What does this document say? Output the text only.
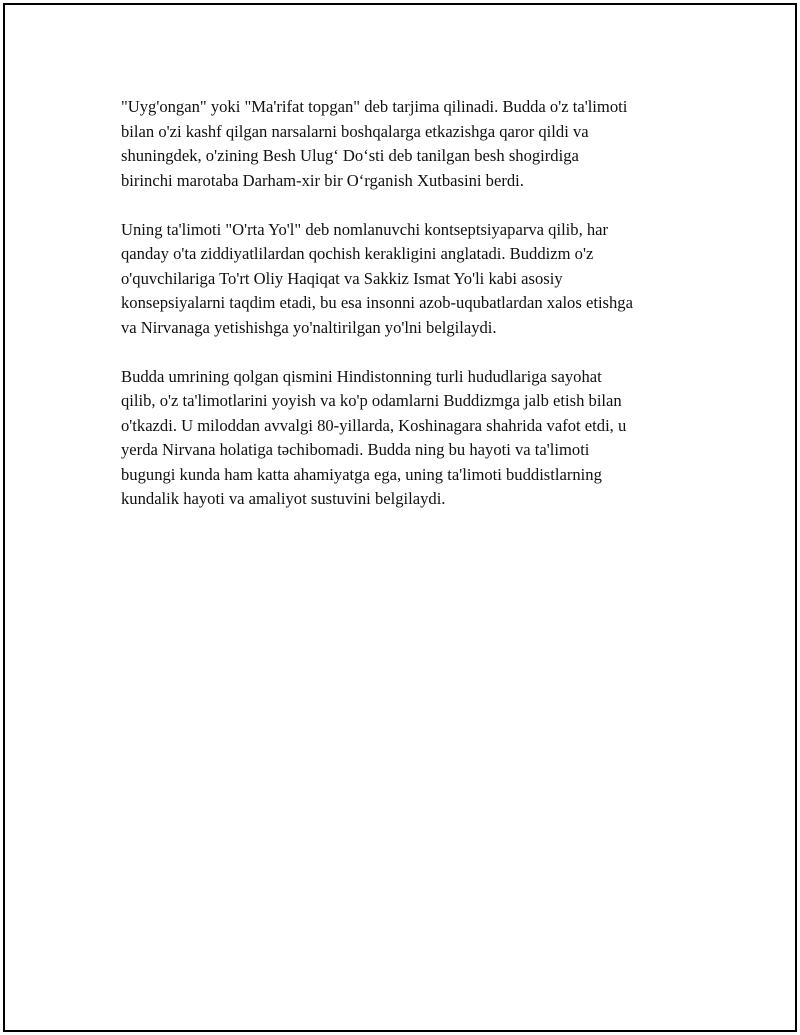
"Uyg'ongan" yoki "Ma'rifat topgan" deb tarjima qilinadi. Budda o'z ta'limoti
bilan o'zi kashf qilgan narsalarni boshqalarga etkazishga qaror qildi va
shuningdek, o'zining Besh Ulug‘ Do‘sti deb tanilgan besh shogirdiga
birinchi marotaba Darham-xir bir O‘rganish Xutbasini berdi.

Uning ta'limoti "O'rta Yo'l" deb nomlanuvchi kontseptsiyaparva qilib, har
qanday o'ta ziddiyatlilardan qochish kerakligini anglatadi. Buddizm o'z
o'quvchilariga To'rt Oliy Haqiqat va Sakkiz Ismat Yo'li kabi asosiy
konsepsiyalarni taqdim etadi, bu esa insonni azob-uqubatlardan xalos etishga
va Nirvanaga yetishishga yo'naltirilgan yo'lni belgilaydi.

Budda umrining qolgan qismini Hindistonning turli hududlariga sayohat
qilib, o'z ta'limotlarini yoyish va ko'p odamlarni Buddizmga jalb etish bilan
o'tkazdi. U miloddan avvalgi 80-yillarda, Koshinagara shahrida vafot etdi, u
yerda Nirvana holatiga təchibomadi. Budda ning bu hayoti va ta'limoti
bugungi kunda ham katta ahamiyatga ega, uning ta'limoti buddistlarning
kundalik hayoti va amaliyot sustuvini belgilaydi.
